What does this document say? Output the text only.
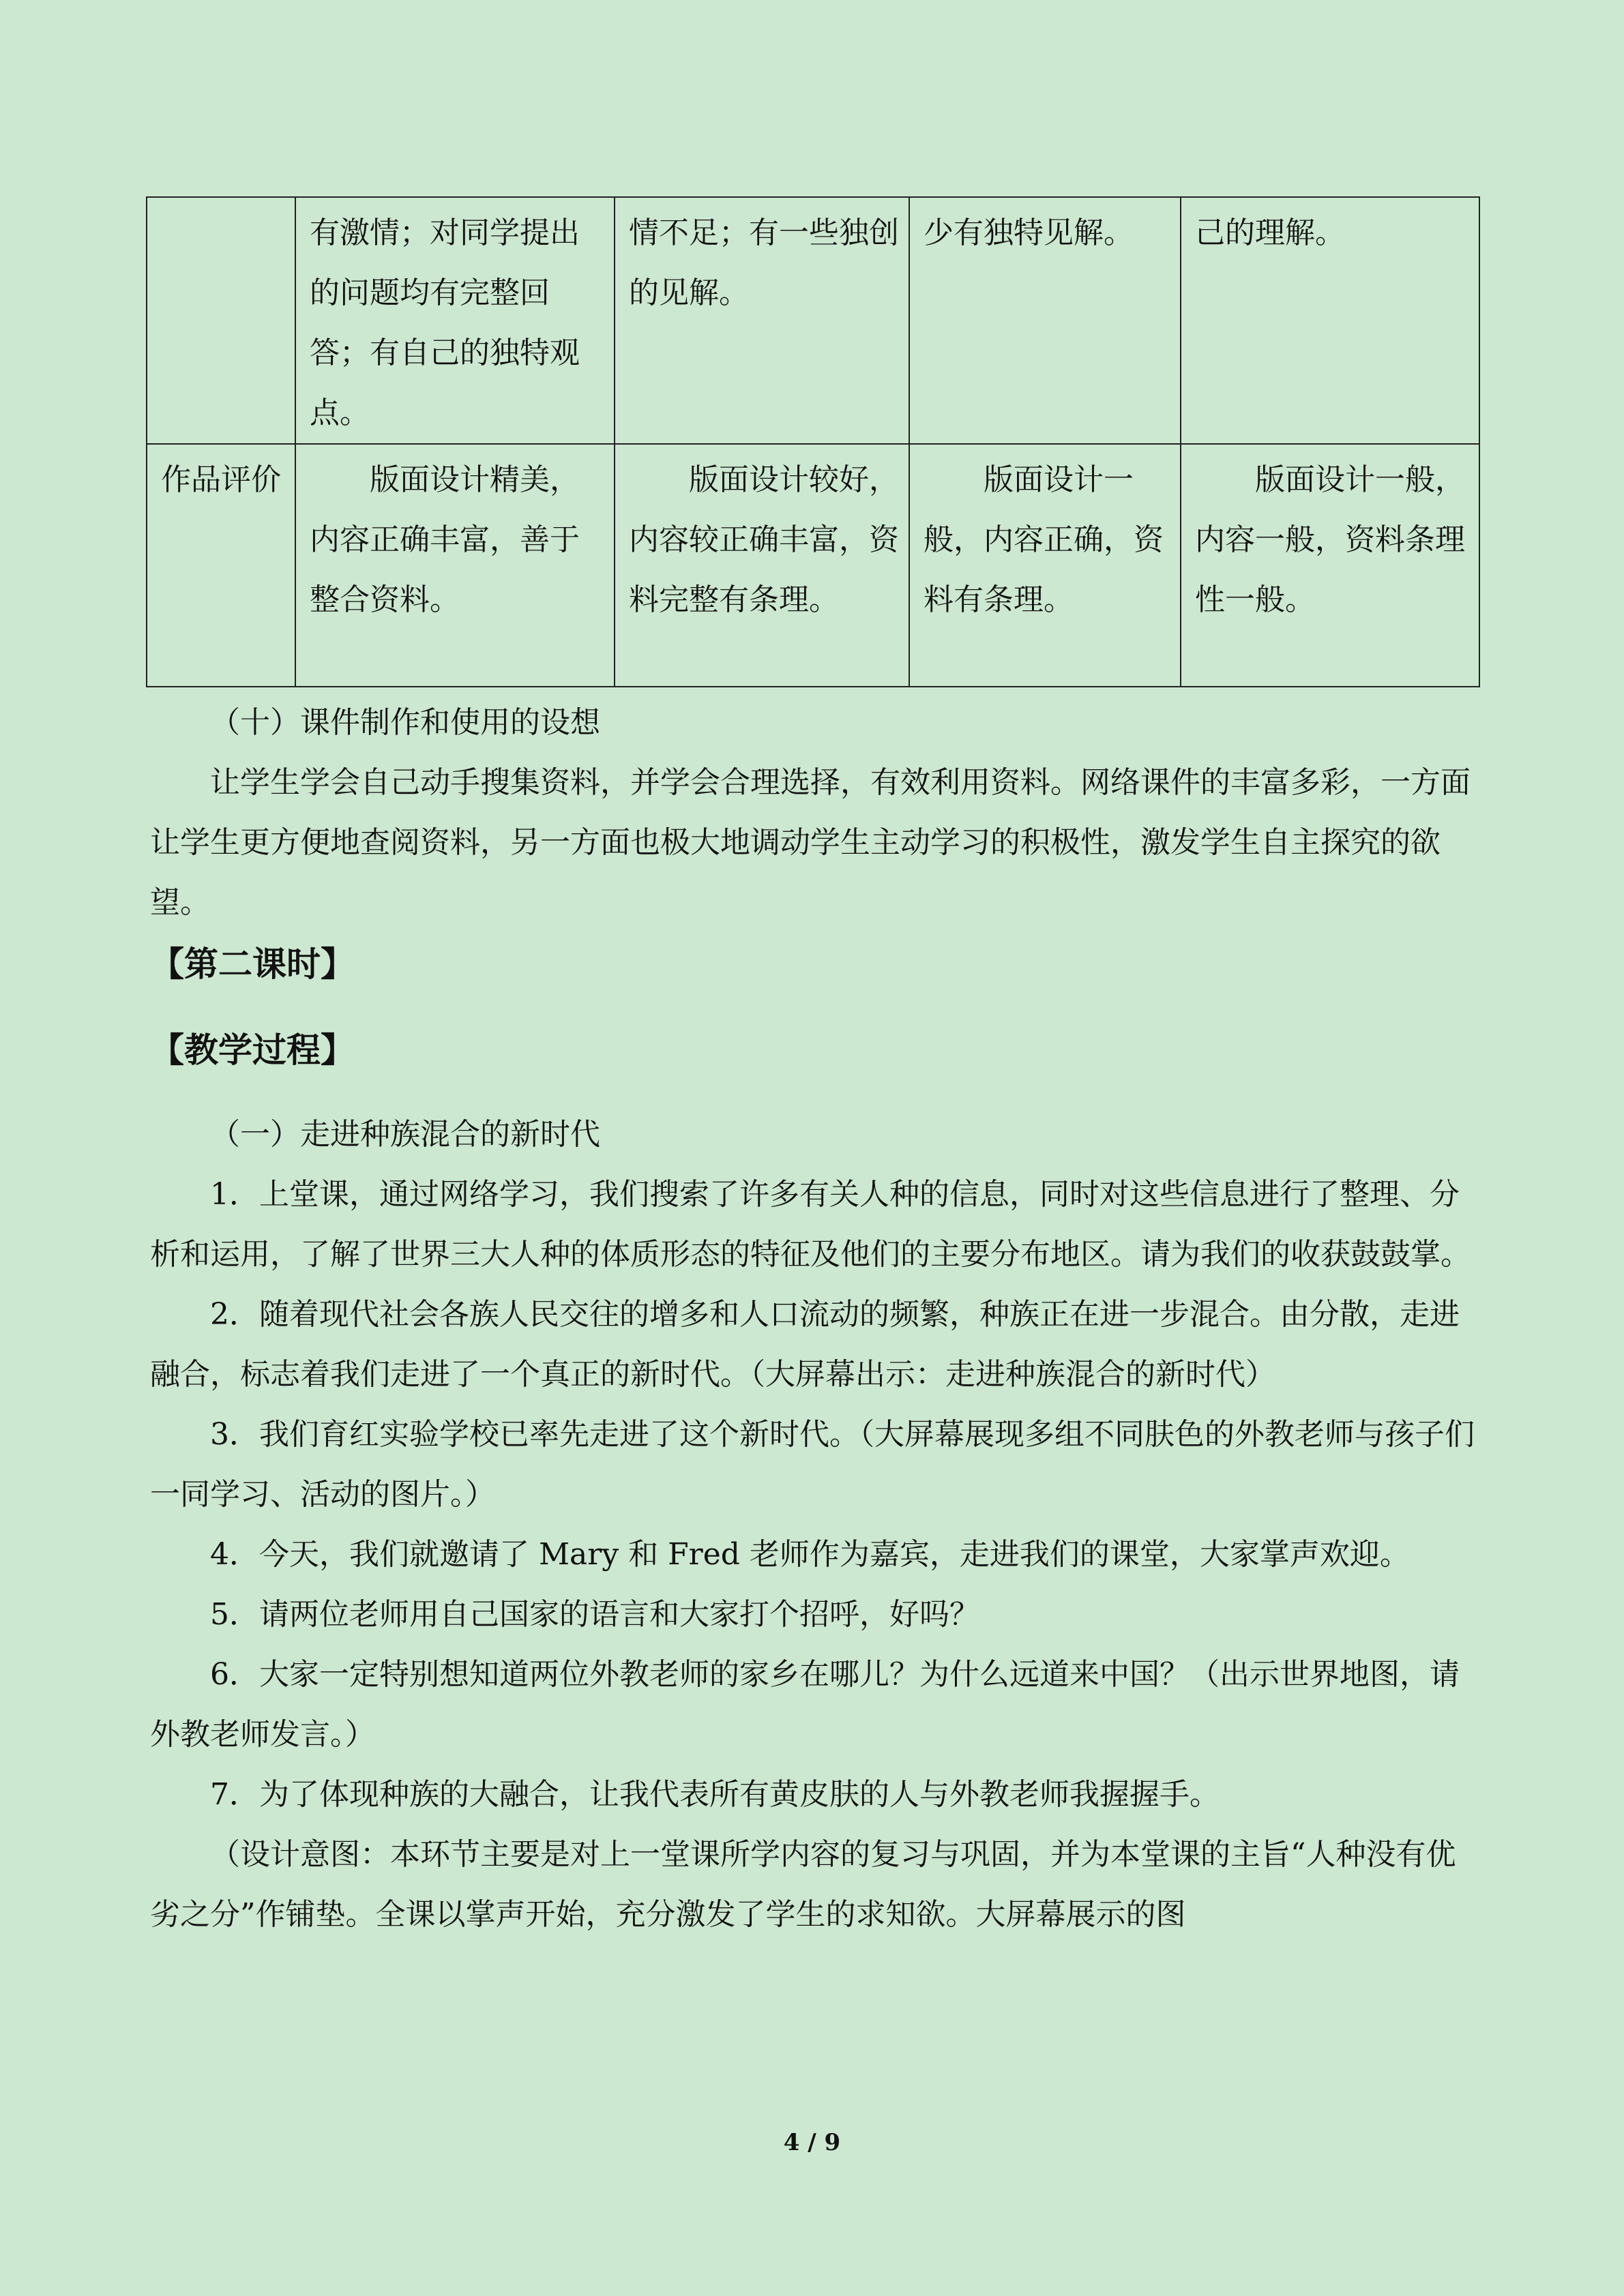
	有激情；对同学提出的问题均有完整回答；有自己的独特观点。	情不足；有一些独创的见解。	少有独特见解。	己的理解。
作品评价	版面设计精美，内容正确丰富，善于整合资料。	版面设计较好，内容较正确丰富，资料完整有条理。	版面设计一般，内容正确，资料有条理。	版面设计一般，内容一般，资料条理性一般。

（十）课件制作和使用的设想

让学生学会自己动手搜集资料，并学会合理选择，有效利用资料。网络课件的丰富多彩，一方面让学生更方便地查阅资料，另一方面也极大地调动学生主动学习的积极性，激发学生自主探究的欲望。

【第二课时】
【教学过程】

（一）走进种族混合的新时代

1．上堂课，通过网络学习，我们搜索了许多有关人种的信息，同时对这些信息进行了整理、分析和运用，了解了世界三大人种的体质形态的特征及他们的主要分布地区。请为我们的收获鼓鼓掌。

2．随着现代社会各族人民交往的增多和人口流动的频繁，种族正在进一步混合。由分散，走进融合，标志着我们走进了一个真正的新时代。（大屏幕出示：走进种族混合的新时代）

3．我们育红实验学校已率先走进了这个新时代。（大屏幕展现多组不同肤色的外教老师与孩子们一同学习、活动的图片。）

4．今天，我们就邀请了 Mary 和 Fred 老师作为嘉宾，走进我们的课堂，大家掌声欢迎。

5．请两位老师用自己国家的语言和大家打个招呼，好吗？

6．大家一定特别想知道两位外教老师的家乡在哪儿？为什么远道来中国？（出示世界地图，请外教老师发言。）

7．为了体现种族的大融合，让我代表所有黄皮肤的人与外教老师我握握手。

（设计意图：本环节主要是对上一堂课所学内容的复习与巩固，并为本堂课的主旨“人种没有优劣之分”作铺垫。全课以掌声开始，充分激发了学生的求知欲。大屏幕展示的图

4 / 9
